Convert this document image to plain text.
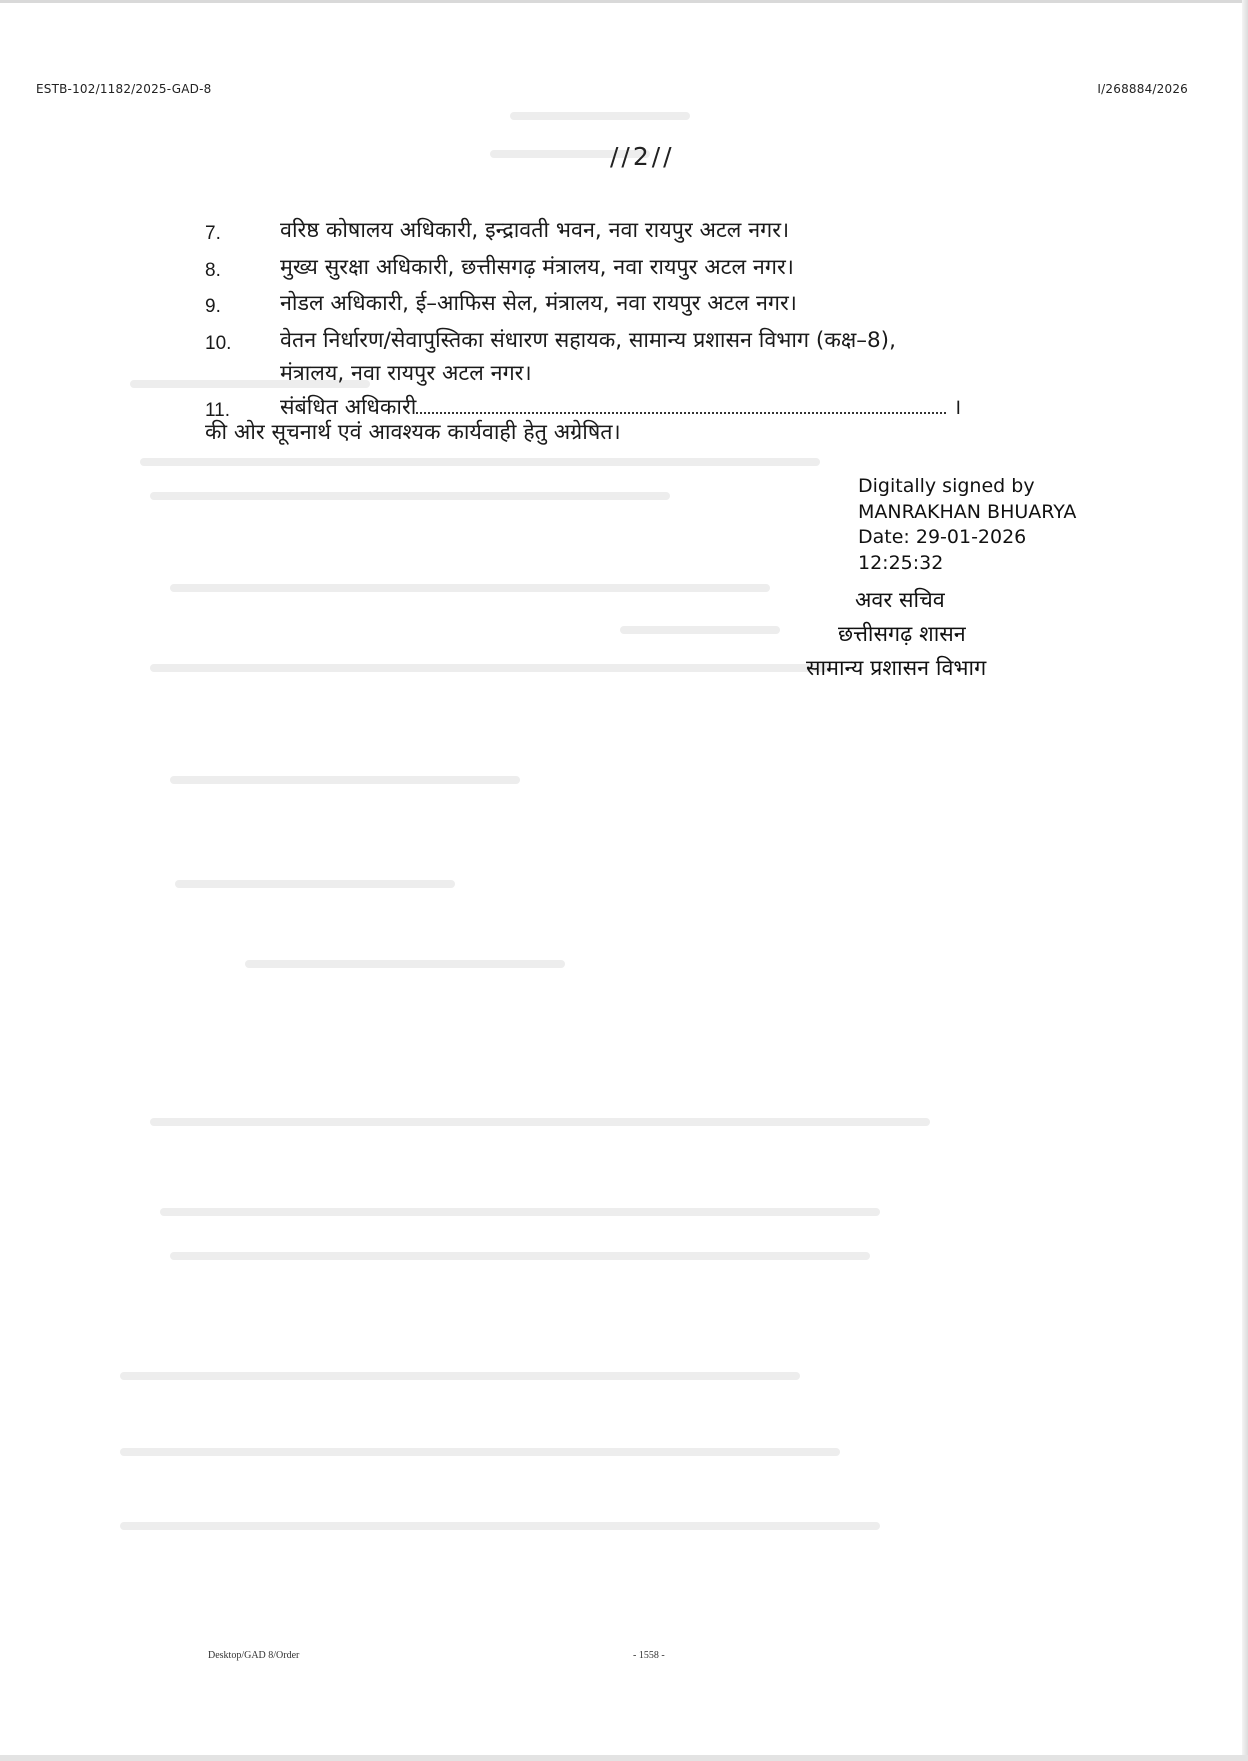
ESTB-102/1182/2025-GAD-8	I/268884/2026
//2//
7.	वरिष्ठ कोषालय अधिकारी, इन्द्रावती भवन, नवा रायपुर अटल नगर।
8.	मुख्य सुरक्षा अधिकारी, छत्तीसगढ़ मंत्रालय, नवा रायपुर अटल नगर।
9.	नोडल अधिकारी, ई–आफिस सेल, मंत्रालय, नवा रायपुर अटल नगर।
10.	वेतन निर्धारण/सेवापुस्तिका संधारण सहायक, सामान्य प्रशासन विभाग (कक्ष–8),
मंत्रालय, नवा रायपुर अटल नगर।
11.	संबंधित अधिकारी	।
की ओर सूचनार्थ एवं आवश्यक कार्यवाही हेतु अग्रेषित।
Digitally signed by
MANRAKHAN BHUARYA
Date: 29-01-2026
12:25:32
अवर सचिव
छत्तीसगढ़ शासन
सामान्य प्रशासन विभाग
Desktop/GAD 8/Order	- 1558 -
